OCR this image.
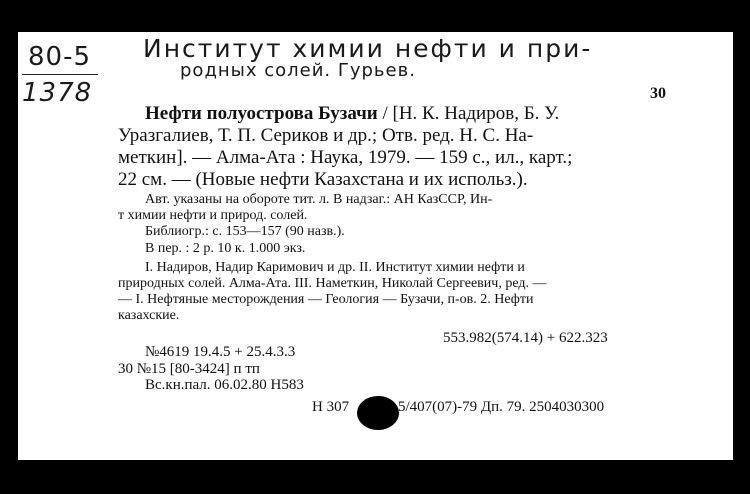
80-5
1378
Институт химии нефти и при-
родных солей. Гурьев.
30
Нефти полуострова Бузачи / [Н. К. Надиров, Б. У.
Уразгалиев, Т. П. Сериков и др.; Отв. ред. Н. С. На-
меткин]. — Алма-Ата : Наука, 1979. — 159 с., ил., карт.;
22 см. — (Новые нефти Казахстана и их использ.).
Авт. указаны на обороте тит. л. В надзаг.: АН КазССР, Ин-
т химии нефти и природ. солей.
Библиогр.: с. 153—157 (90 назв.).
В пер. : 2 р. 10 к. 1.000 экз.
I. Надиров, Надир Каримович и др. II. Институт химии нефти и
природных солей. Алма-Ата. III. Наметкин, Николай Сергеевич, ред. —
— I. Нефтяные месторождения — Геология — Бузачи, п-ов. 2. Нефти
казахские.
553.982(574.14) + 622.323
№4619 19.4.5 + 25.4.3.3
30 №15 [80-3424] п тп
Вс.кн.пал. 06.02.80 Н583
Н 307	5/407(07)-79 Дп. 79. 2504030300
